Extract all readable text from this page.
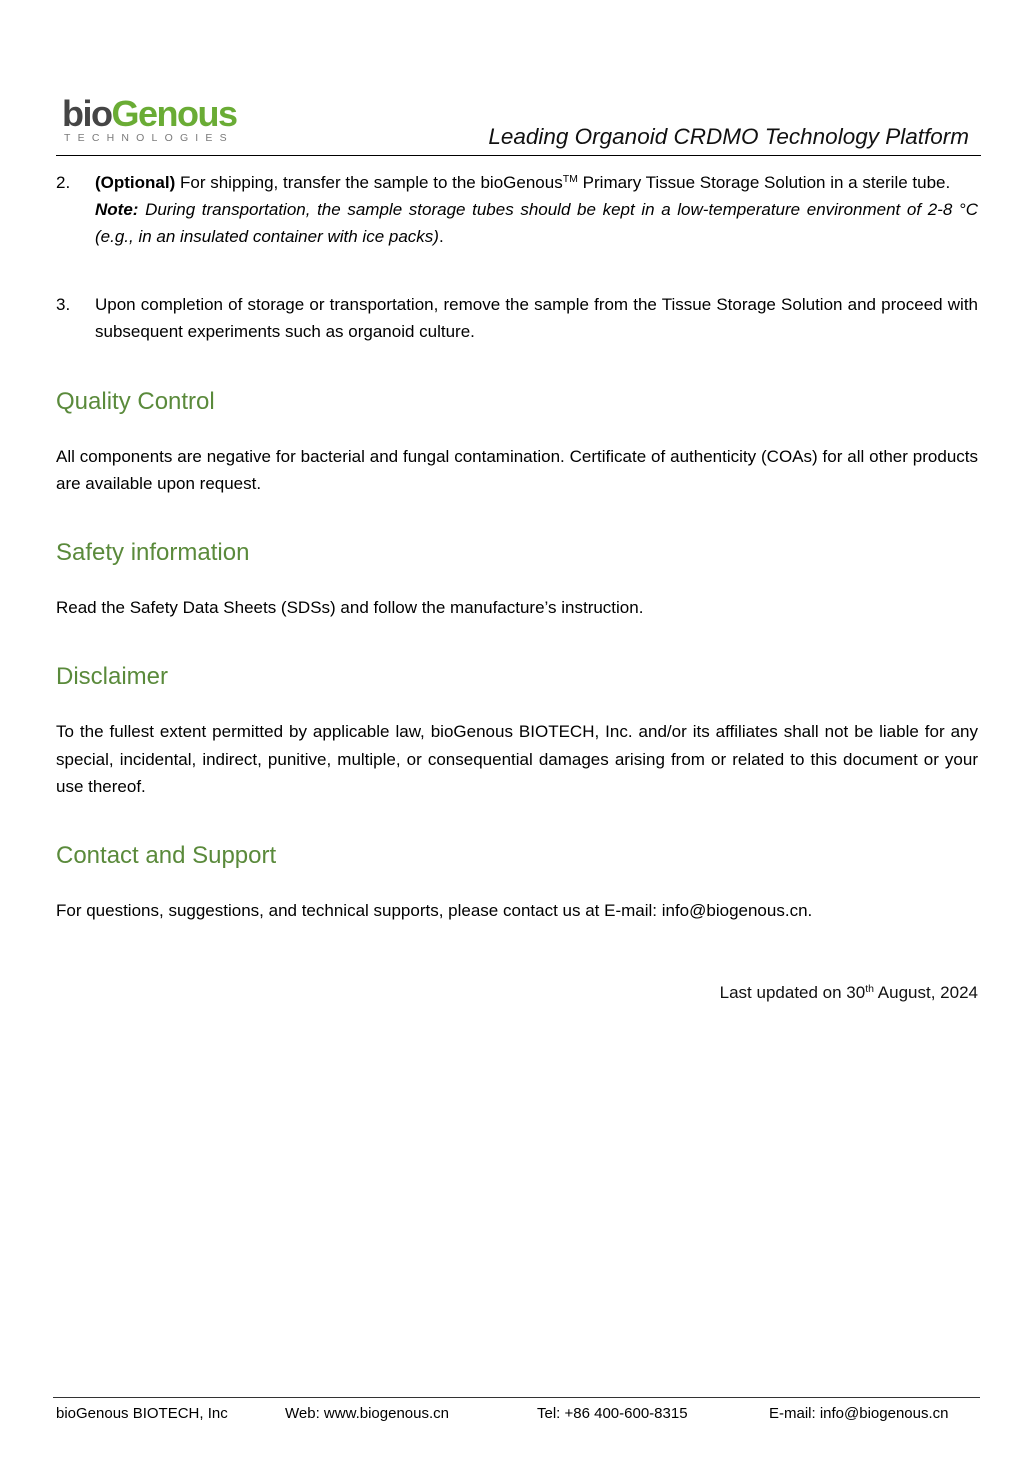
bioGenous
TECHNOLOGIES	Leading Organoid CRDMO Technology Platform
2. (Optional) For shipping, transfer the sample to the bioGenous™ Primary Tissue Storage Solution in a sterile tube.

Note: During transportation, the sample storage tubes should be kept in a low-temperature environment of 2-8 °C (e.g., in an insulated container with ice packs).

3. Upon completion of storage or transportation, remove the sample from the Tissue Storage Solution and proceed with subsequent experiments such as organoid culture.

Quality Control

All components are negative for bacterial and fungal contamination. Certificate of authenticity (COAs) for all other products are available upon request.

Safety information

Read the Safety Data Sheets (SDSs) and follow the manufacture’s instruction.

Disclaimer

To the fullest extent permitted by applicable law, bioGenous BIOTECH, Inc. and/or its affiliates shall not be liable for any special, incidental, indirect, punitive, multiple, or consequential damages arising from or related to this document or your use thereof.

Contact and Support

For questions, suggestions, and technical supports, please contact us at E-mail: info@biogenous.cn.

Last updated on 30th August, 2024
bioGenous BIOTECH, Inc	Web: www.biogenous.cn	Tel: +86 400-600-8315	E-mail: info@biogenous.cn
